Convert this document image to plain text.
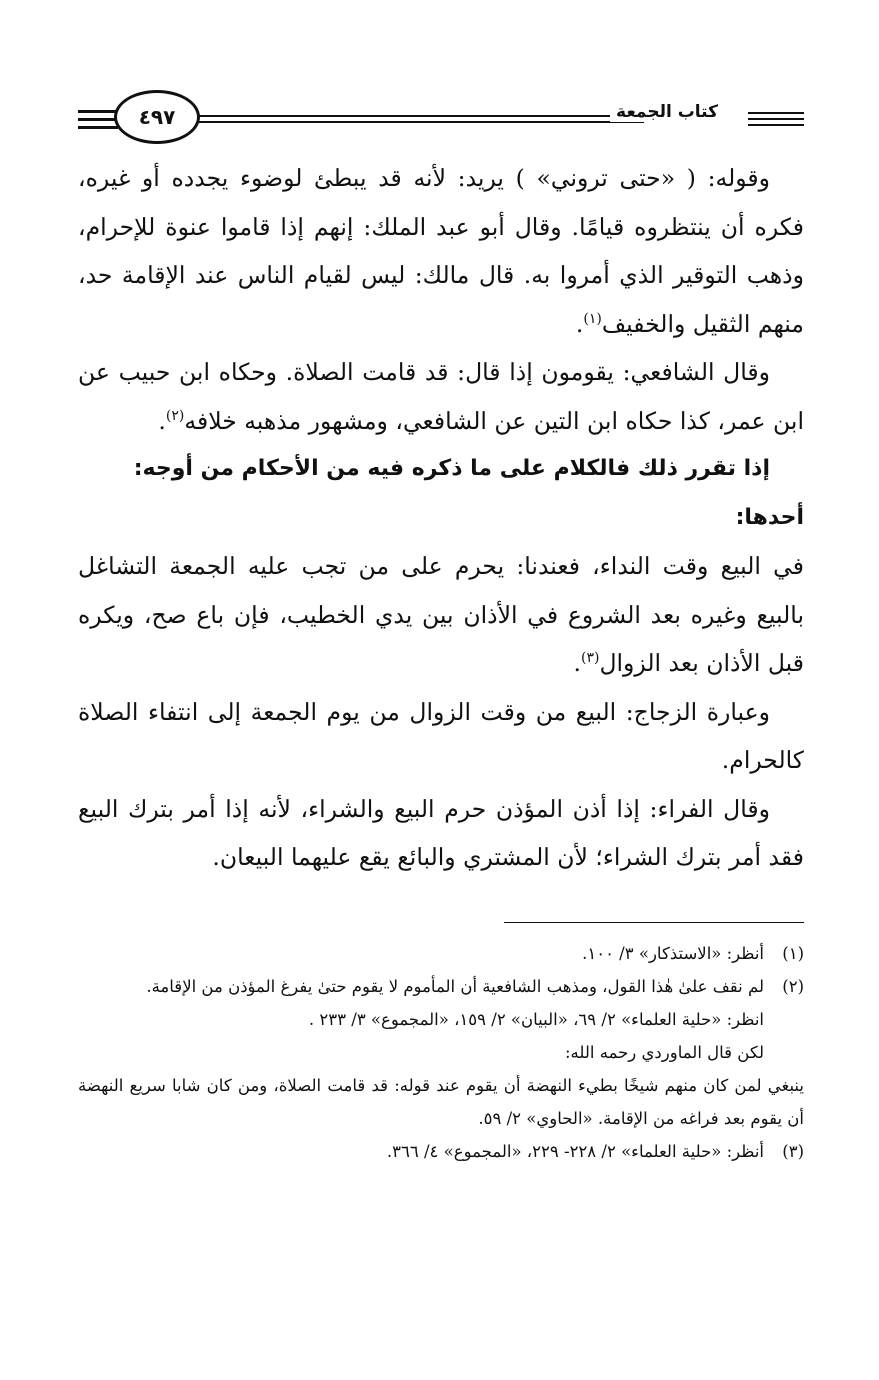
كتاب الجمعة
٤٩٧

وقوله: ( «حتى تروني» ) يريد: لأنه قد يبطئ لوضوء يجدده أو غيره، فكره أن ينتظروه قيامًا. وقال أبو عبد الملك: إنهم إذا قاموا عنوة للإحرام، وذهب التوقير الذي أمروا به. قال مالك: ليس لقيام الناس عند الإقامة حد، منهم الثقيل والخفيف$^{(١)}$.

وقال الشافعي: يقومون إذا قال: قد قامت الصلاة. وحكاه ابن حبيب عن ابن عمر، كذا حكاه ابن التين عن الشافعي، ومشهور مذهبه خلافه$^{(٢)}$.

إذا تقرر ذلك فالكلام على ما ذكره فيه من الأحكام من أوجه:

أحدها:

في البيع وقت النداء، فعندنا: يحرم على من تجب عليه الجمعة التشاغل بالبيع وغيره بعد الشروع في الأذان بين يدي الخطيب، فإن باع صح، ويكره قبل الأذان بعد الزوال$^{(٣)}$.

وعبارة الزجاج: البيع من وقت الزوال من يوم الجمعة إلى انتفاء الصلاة كالحرام.

وقال الفراء: إذا أذن المؤذن حرم البيع والشراء، لأنه إذا أمر بترك البيع فقد أمر بترك الشراء؛ لأن المشتري والبائع يقع عليهما البيعان.

(١)
أنظر: «الاستذكار» ٣/ ١٠٠.
(٢)
لم نقف علىٰ هٰذا القول، ومذهب الشافعية أن المأموم لا يقوم حتىٰ يفرغ المؤذن من الإقامة.
انظر: «حلية العلماء» ٢/ ٦٩، «البيان» ٢/ ١٥٩، «المجموع» ٣/ ٢٣٣ .
لكن قال الماوردي رحمه الله:
ينبغي لمن كان منهم شيخًا بطيء النهضة أن يقوم عند قوله: قد قامت الصلاة، ومن كان شابا سريع النهضة أن يقوم بعد فراغه من الإقامة. «الحاوي» ٢/ ٥٩.
(٣)
أنظر: «حلية العلماء» ٢/ ٢٢٨- ٢٢٩، «المجموع» ٤/ ٣٦٦.
